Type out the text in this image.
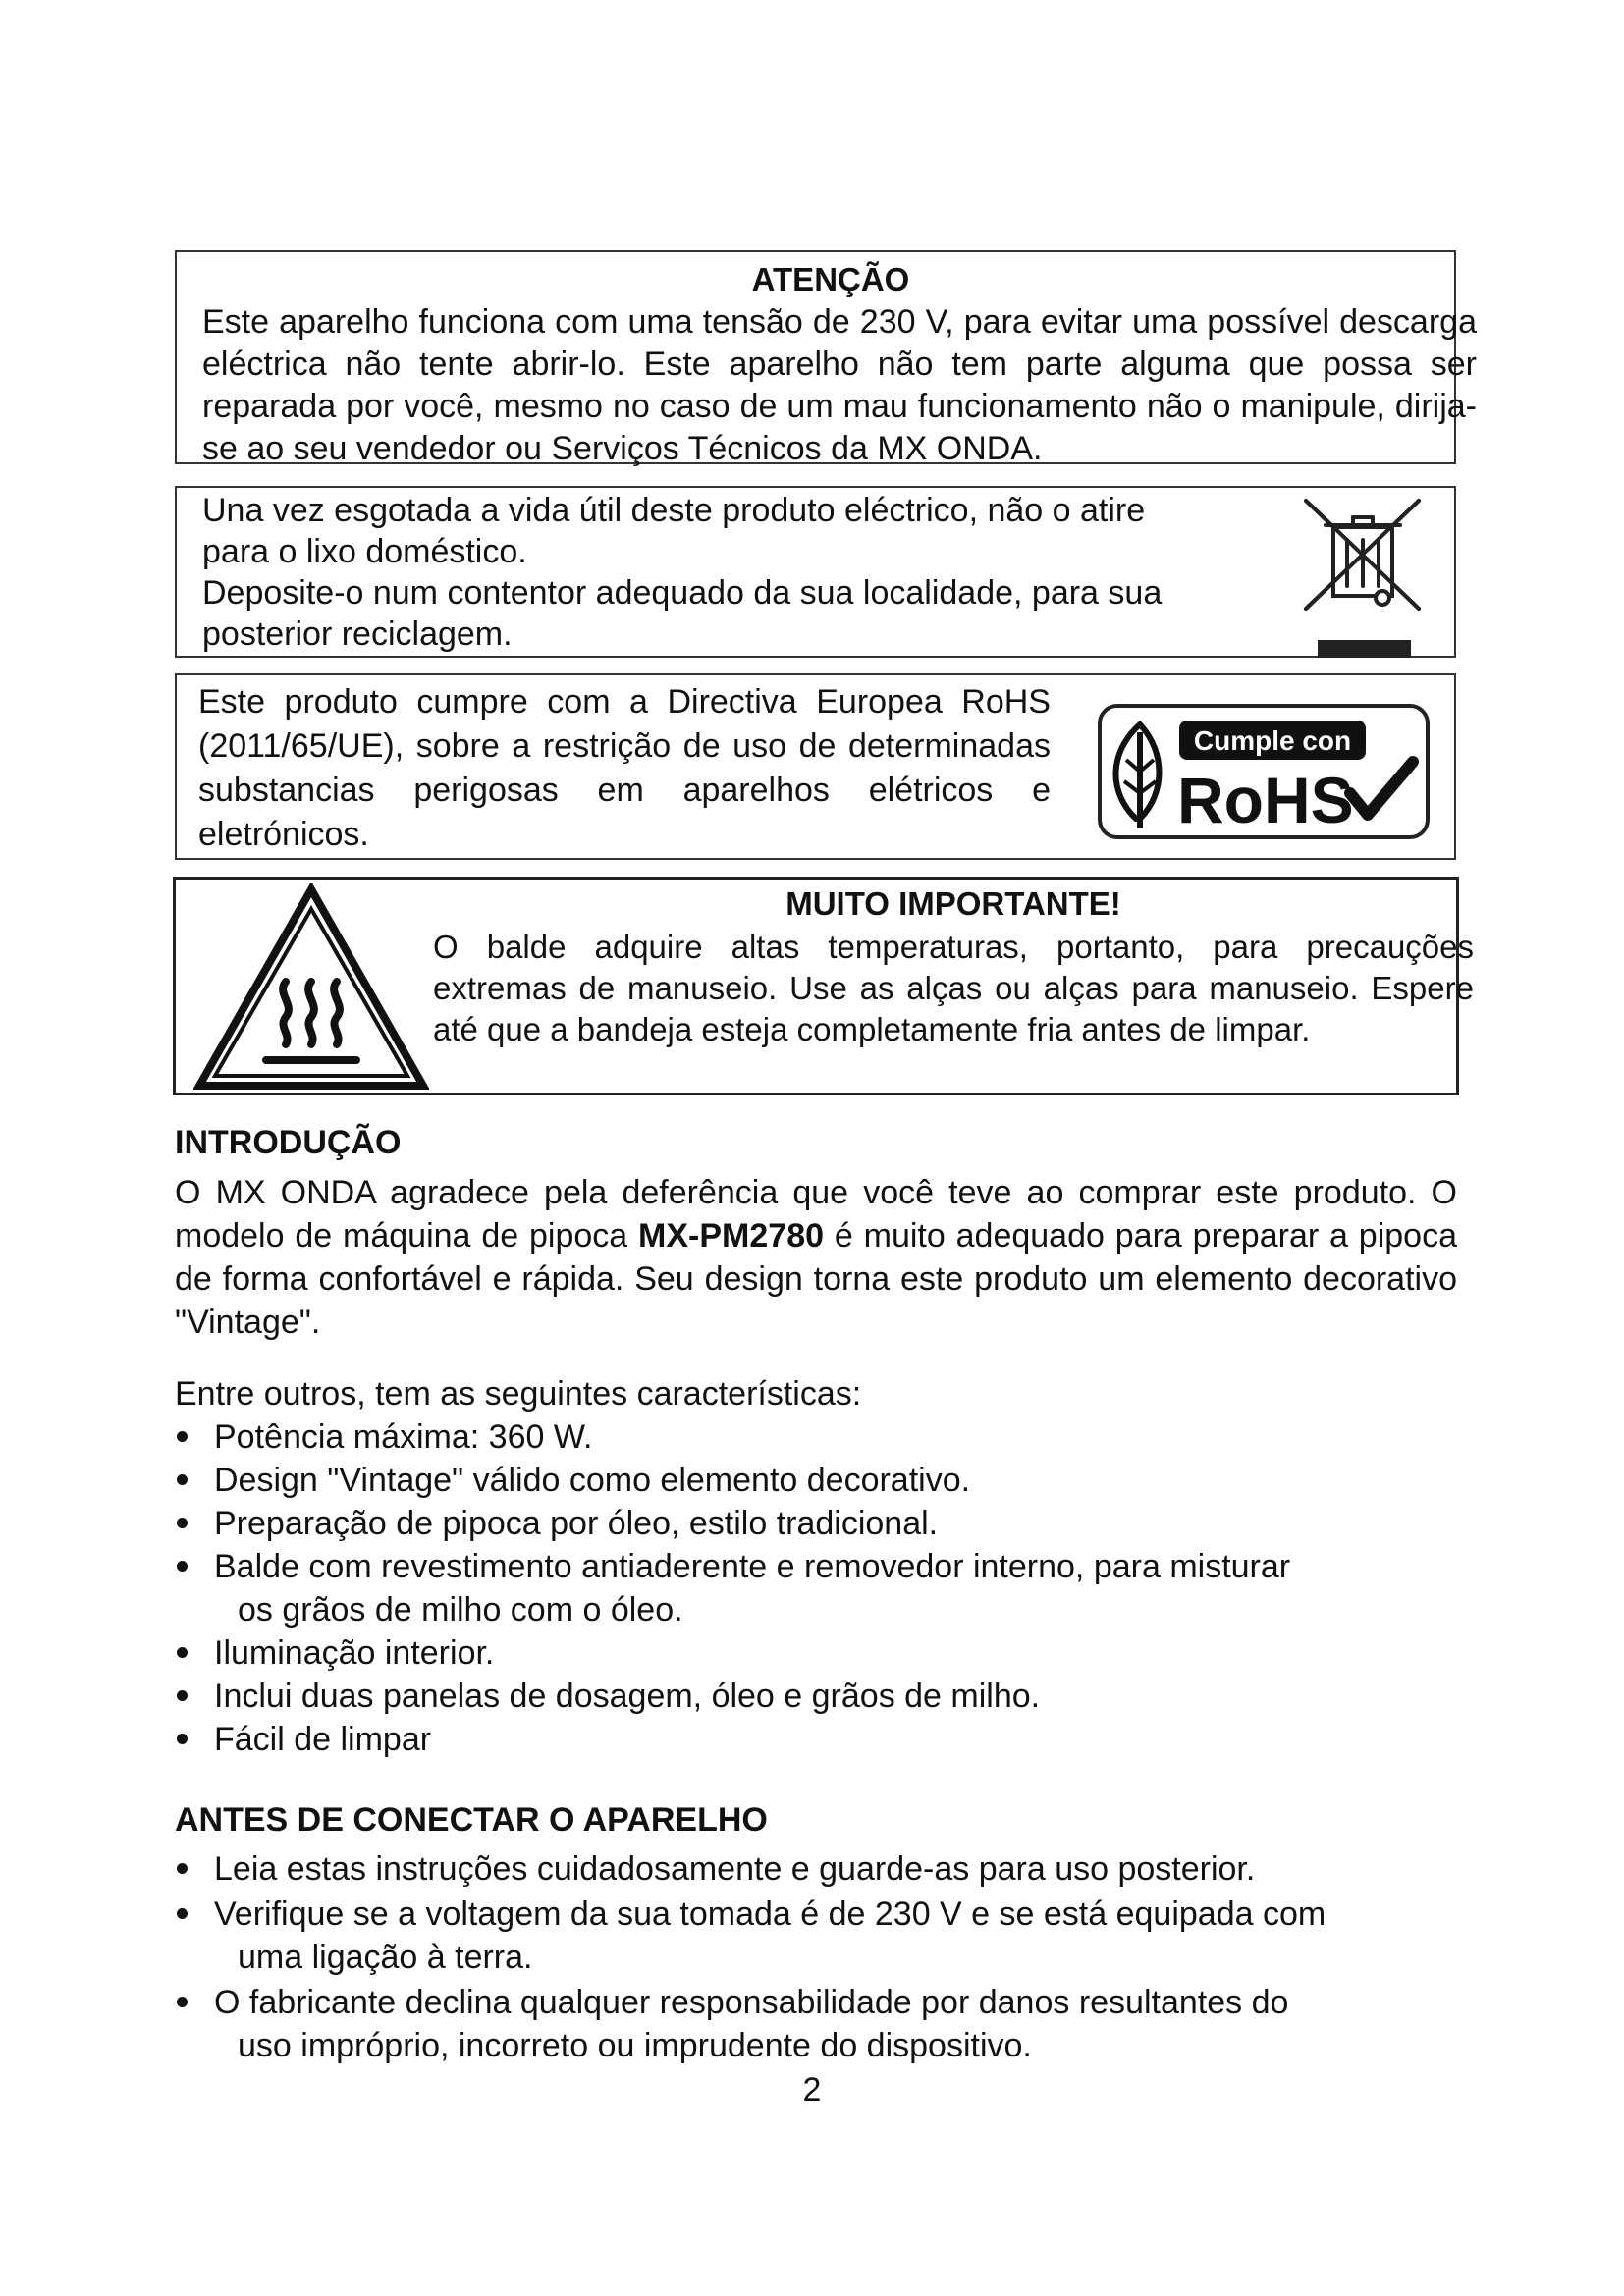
ATENÇÃO

Este aparelho funciona com uma tensão de 230 V, para evitar uma possível descarga eléctrica não tente abrir-lo. Este aparelho não tem parte alguma que possa ser reparada por você, mesmo no caso de um mau funcionamento não o manipule, dirija-se ao seu vendedor ou Serviços Técnicos da MX ONDA.

Una vez esgotada a vida útil deste produto eléctrico, não o atire

para o lixo doméstico.

Deposite-o num contentor adequado da sua localidade, para sua

posterior reciclagem.

Este produto cumpre com a Directiva Europea RoHS (2011/65/UE), sobre a restrição de uso de determinadas substancias perigosas em aparelhos elétricos e eletrónicos.

Cumple con
RoHS

MUITO IMPORTANTE!

O balde adquire altas temperaturas, portanto, para precauções extremas de manuseio. Use as alças ou alças para manuseio. Espere até que a bandeja esteja completamente fria antes de limpar.

INTRODUÇÃO

O MX ONDA agradece pela deferência que você teve ao comprar este produto. O modelo de máquina de pipoca MX-PM2780 é muito adequado para preparar a pipoca de forma confortável e rápida. Seu design torna este produto um elemento decorativo "Vintage".

Entre outros, tem as seguintes características:

Potência máxima: 360 W.
Design "Vintage" válido como elemento decorativo.
Preparação de pipoca por óleo, estilo tradicional.
Balde com revestimento antiaderente e removedor interno, para misturar
os grãos de milho com o óleo.
Iluminação interior.
Inclui duas panelas de dosagem, óleo e grãos de milho.
Fácil de limpar
ANTES DE CONECTAR O APARELHO
Leia estas instruções cuidadosamente e guarde-as para uso posterior.
Verifique se a voltagem da sua tomada é de 230 V e se está equipada com
uma ligação à terra.
O fabricante declina qualquer responsabilidade por danos resultantes do
uso impróprio, incorreto ou imprudente do dispositivo.

2
